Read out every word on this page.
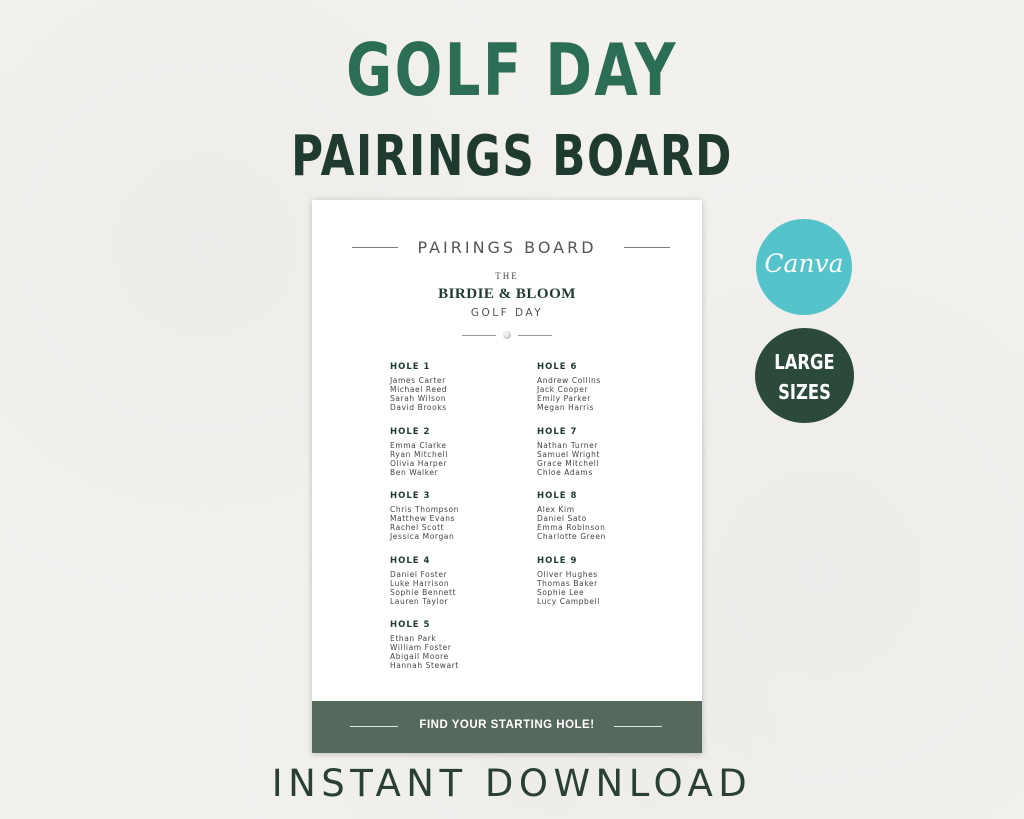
GOLF DAY
PAIRINGS BOARD
PAIRINGS BOARD
THE
BIRDIE & BLOOM
GOLF DAY
HOLE 1
James Carter
Michael Reed
Sarah Wilson
David Brooks
HOLE 2
Emma Clarke
Ryan Mitchell
Olivia Harper
Ben Walker
HOLE 3
Chris Thompson
Matthew Evans
Rachel Scott
Jessica Morgan
HOLE 4
Daniel Foster
Luke Harrison
Sophie Bennett
Lauren Taylor
HOLE 5
Ethan Park
William Foster
Abigail Moore
Hannah Stewart
HOLE 6
Andrew Collins
Jack Cooper
Emily Parker
Megan Harris
HOLE 7
Nathan Turner
Samuel Wright
Grace Mitchell
Chloe Adams
HOLE 8
Alex Kim
Daniel Sato
Emma Robinson
Charlotte Green
HOLE 9
Oliver Hughes
Thomas Baker
Sophie Lee
Lucy Campbell
FIND YOUR STARTING HOLE!
Canva
LARGE
SIZES
INSTANT DOWNLOAD
